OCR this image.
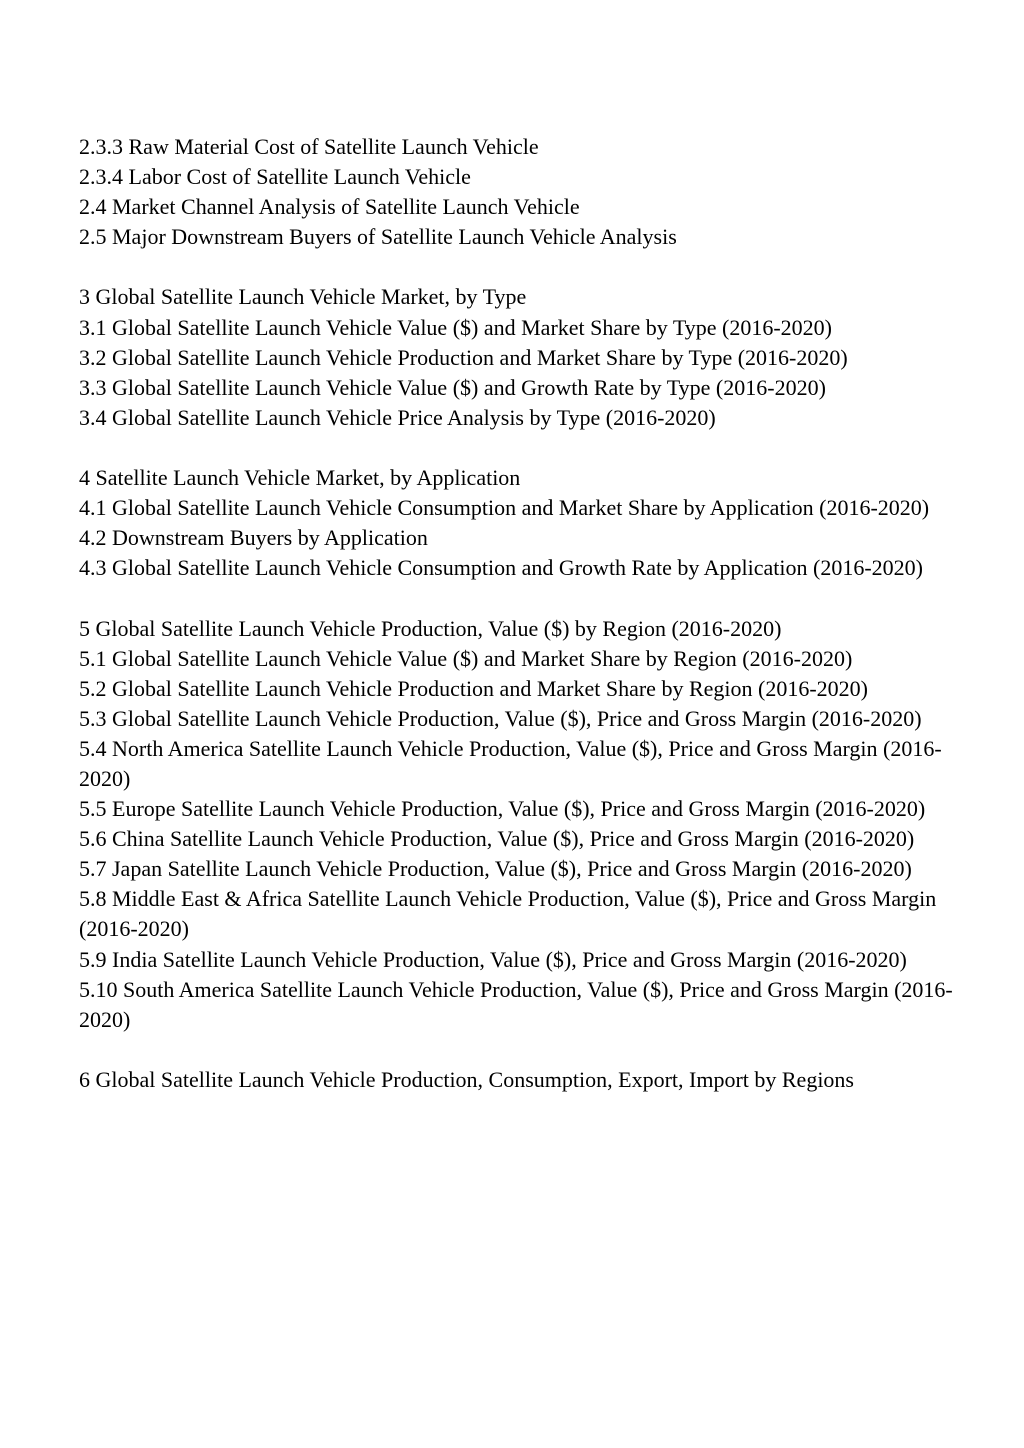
2.3.3 Raw Material Cost of Satellite Launch Vehicle

2.3.4 Labor Cost of Satellite Launch Vehicle

2.4 Market Channel Analysis of Satellite Launch Vehicle

2.5 Major Downstream Buyers of Satellite Launch Vehicle Analysis

3 Global Satellite Launch Vehicle Market, by Type

3.1 Global Satellite Launch Vehicle Value ($) and Market Share by Type (2016-2020)

3.2 Global Satellite Launch Vehicle Production and Market Share by Type (2016-2020)

3.3 Global Satellite Launch Vehicle Value ($) and Growth Rate by Type (2016-2020)

3.4 Global Satellite Launch Vehicle Price Analysis by Type (2016-2020)

4 Satellite Launch Vehicle Market, by Application

4.1 Global Satellite Launch Vehicle Consumption and Market Share by Application (2016-2020)

4.2 Downstream Buyers by Application

4.3 Global Satellite Launch Vehicle Consumption and Growth Rate by Application (2016-2020)

5 Global Satellite Launch Vehicle Production, Value ($) by Region (2016-2020)

5.1 Global Satellite Launch Vehicle Value ($) and Market Share by Region (2016-2020)

5.2 Global Satellite Launch Vehicle Production and Market Share by Region (2016-2020)

5.3 Global Satellite Launch Vehicle Production, Value ($), Price and Gross Margin (2016-2020)

5.4 North America Satellite Launch Vehicle Production, Value ($), Price and Gross Margin (2016-2020)

5.5 Europe Satellite Launch Vehicle Production, Value ($), Price and Gross Margin (2016-2020)

5.6 China Satellite Launch Vehicle Production, Value ($), Price and Gross Margin (2016-2020)

5.7 Japan Satellite Launch Vehicle Production, Value ($), Price and Gross Margin (2016-2020)

5.8 Middle East & Africa Satellite Launch Vehicle Production, Value ($), Price and Gross Margin (2016-2020)

5.9 India Satellite Launch Vehicle Production, Value ($), Price and Gross Margin (2016-2020)

5.10 South America Satellite Launch Vehicle Production, Value ($), Price and Gross Margin (2016-2020)

6 Global Satellite Launch Vehicle Production, Consumption, Export, Import by Regions
